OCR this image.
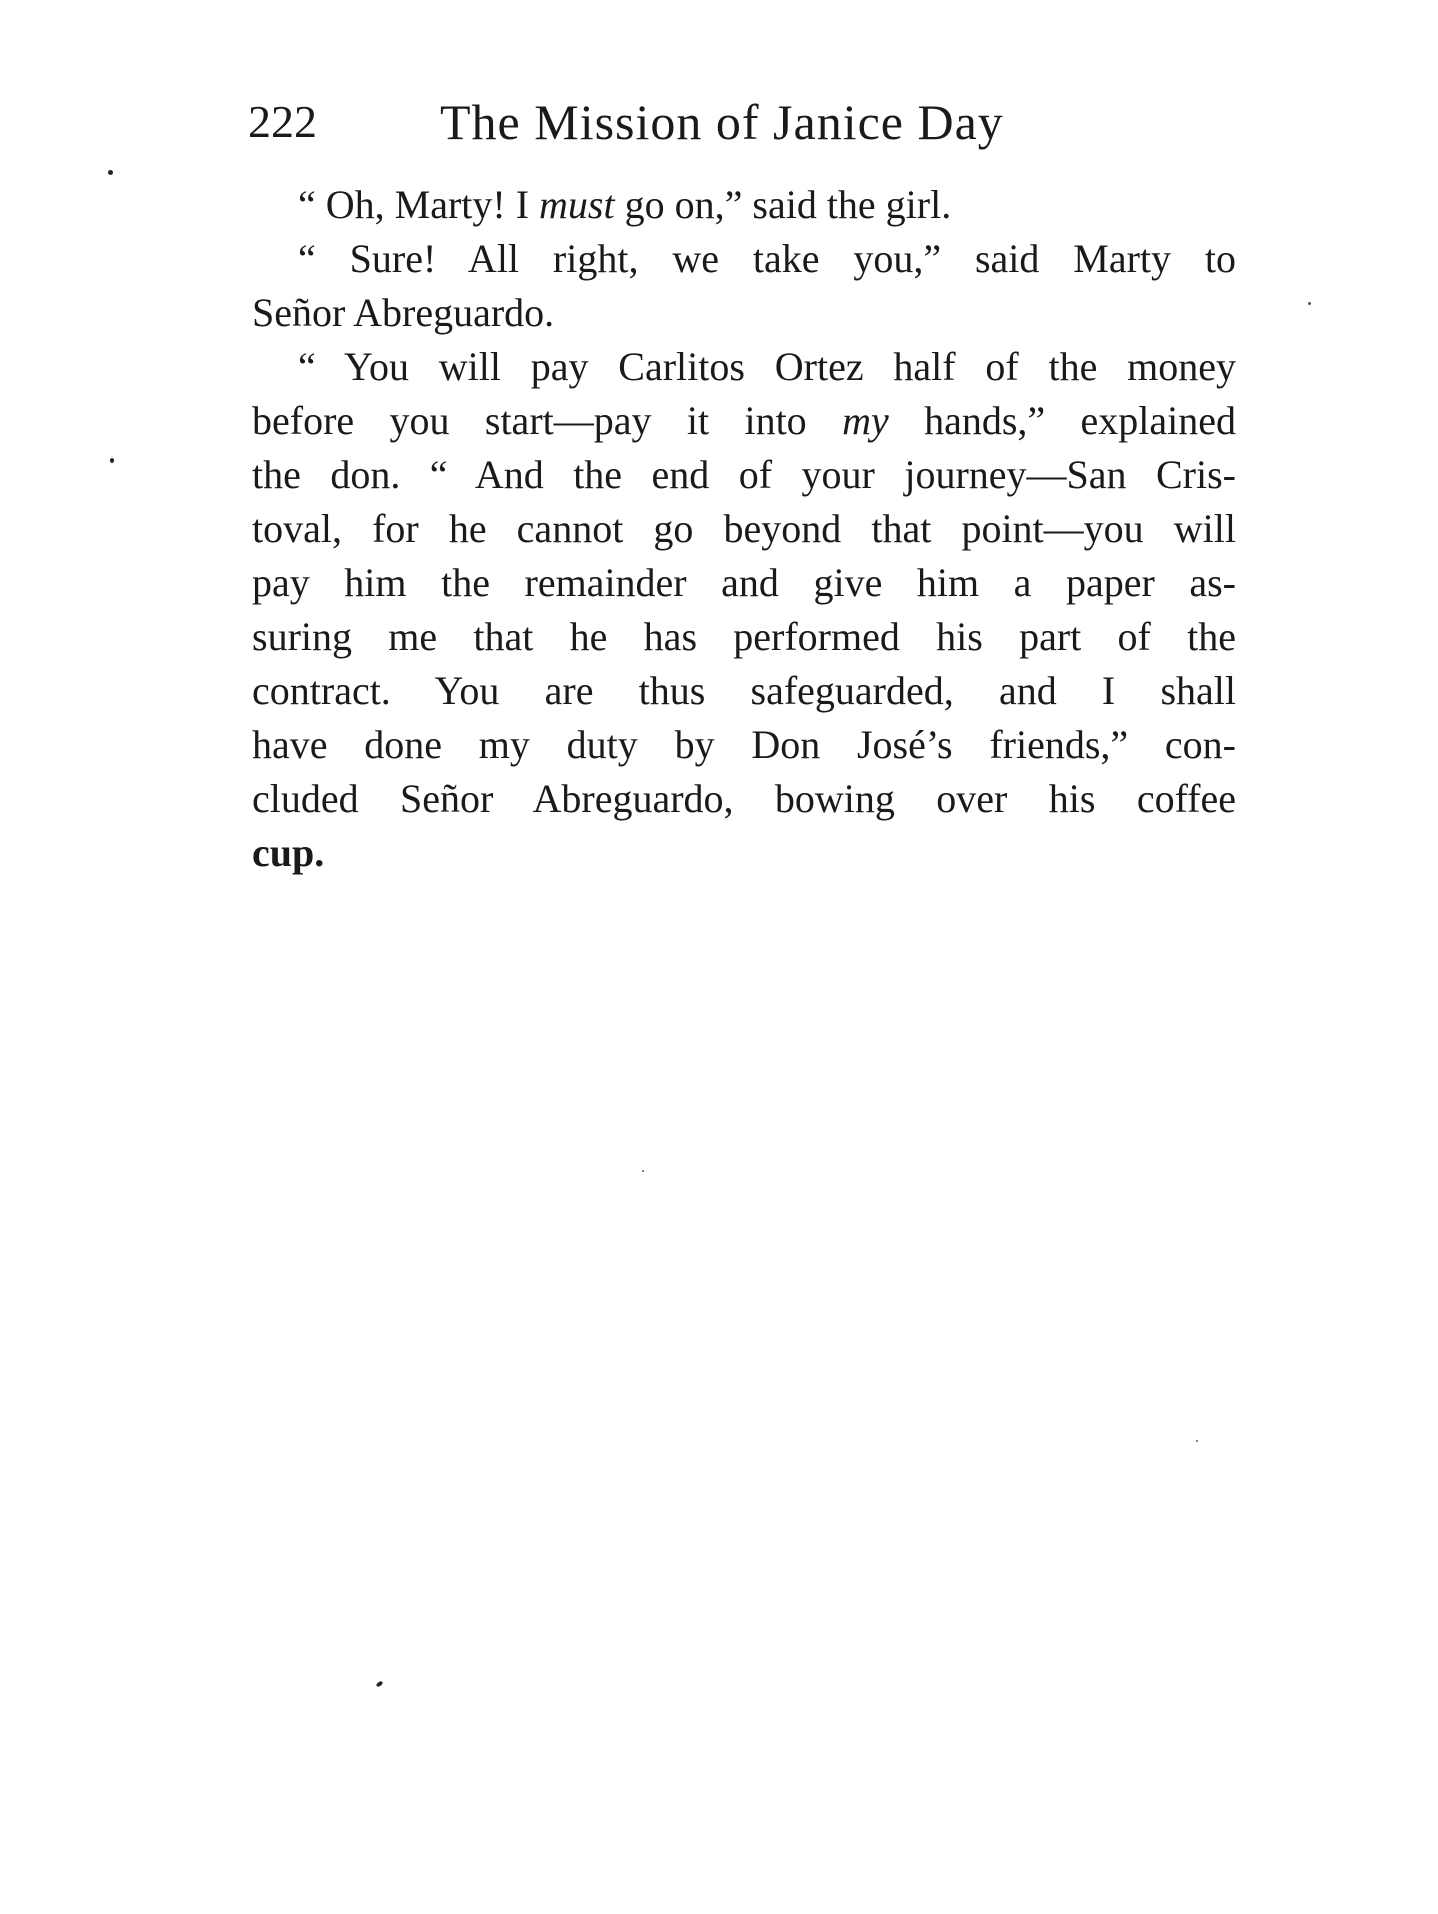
222 The Mission of Janice Day
“ Oh, Marty! I must go on,” said the girl.
“ Sure! All right, we take you,” said Marty to
Señor Abreguardo.
“ You will pay Carlitos Ortez half of the money
before you start—pay it into my hands,” explained
the don. “ And the end of your journey—San Cris-
toval, for he cannot go beyond that point—you will
pay him the remainder and give him a paper as-
suring me that he has performed his part of the
contract. You are thus safeguarded, and I shall
have done my duty by Don José’s friends,” con-
cluded Señor Abreguardo, bowing over his coffee
cup.
